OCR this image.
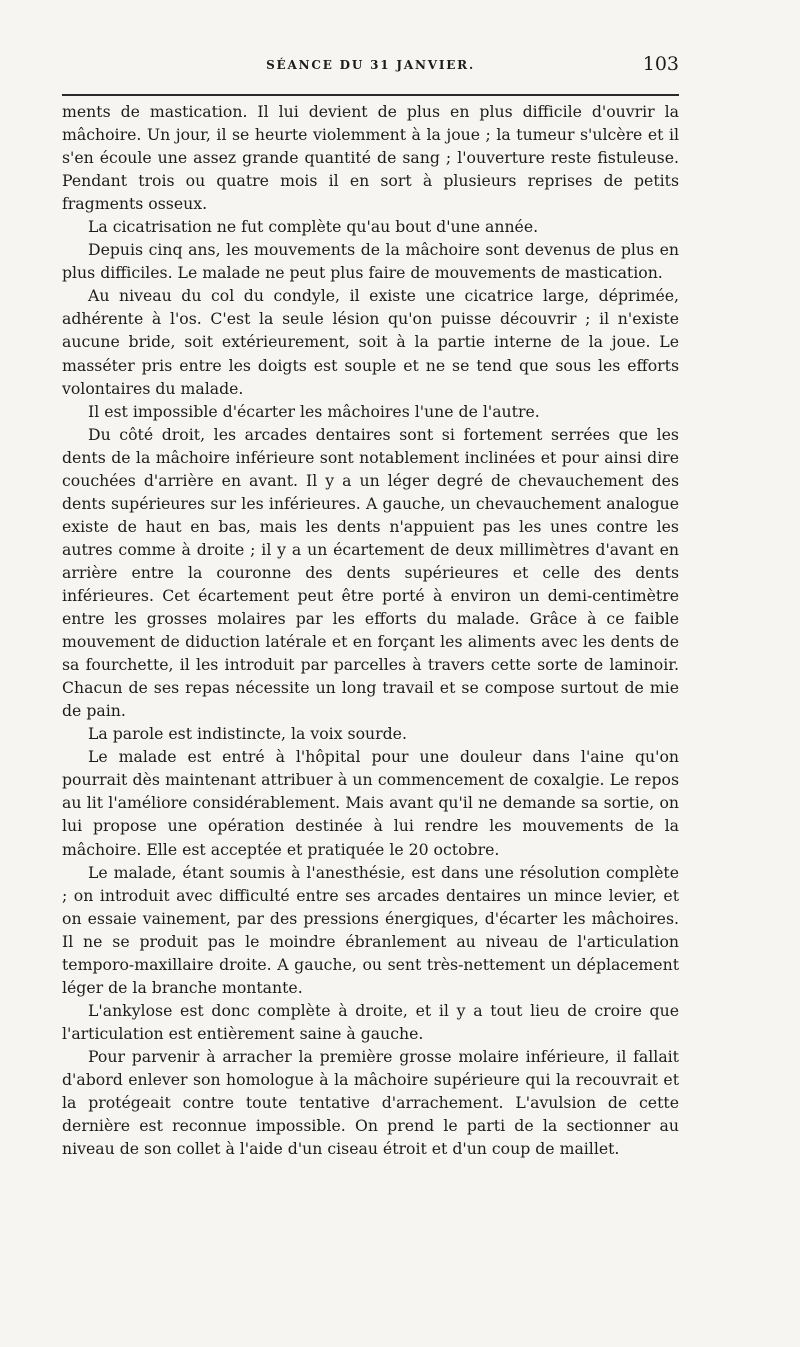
SÉANCE DU 31 JANVIER.	103

ments de mastication. Il lui devient de plus en plus difficile d'ouvrir la mâchoire. Un jour, il se heurte violemment à la joue ; la tumeur s'ulcère et il s'en écoule une assez grande quantité de sang ; l'ouverture reste fistuleuse. Pendant trois ou quatre mois il en sort à plusieurs reprises de petits fragments osseux.

La cicatrisation ne fut complète qu'au bout d'une année.

Depuis cinq ans, les mouvements de la mâchoire sont devenus de plus en plus difficiles. Le malade ne peut plus faire de mouvements de mastication.

Au niveau du col du condyle, il existe une cicatrice large, déprimée, adhérente à l'os. C'est la seule lésion qu'on puisse découvrir ; il n'existe aucune bride, soit extérieurement, soit à la partie interne de la joue. Le masséter pris entre les doigts est souple et ne se tend que sous les efforts volontaires du malade.

Il est impossible d'écarter les mâchoires l'une de l'autre.

Du côté droit, les arcades dentaires sont si fortement serrées que les dents de la mâchoire inférieure sont notablement inclinées et pour ainsi dire couchées d'arrière en avant. Il y a un léger degré de chevauchement des dents supérieures sur les inférieures. A gauche, un chevauchement analogue existe de haut en bas, mais les dents n'appuient pas les unes contre les autres comme à droite ; il y a un écartement de deux millimètres d'avant en arrière entre la couronne des dents supérieures et celle des dents inférieures. Cet écartement peut être porté à environ un demi-centimètre entre les grosses molaires par les efforts du malade. Grâce à ce faible mouvement de diduction latérale et en forçant les aliments avec les dents de sa fourchette, il les introduit par parcelles à travers cette sorte de laminoir. Chacun de ses repas nécessite un long travail et se compose surtout de mie de pain.

La parole est indistincte, la voix sourde.

Le malade est entré à l'hôpital pour une douleur dans l'aine qu'on pourrait dès maintenant attribuer à un commencement de coxalgie. Le repos au lit l'améliore considérablement. Mais avant qu'il ne demande sa sortie, on lui propose une opération destinée à lui rendre les mouvements de la mâchoire. Elle est acceptée et pratiquée le 20 octobre.

Le malade, étant soumis à l'anesthésie, est dans une résolution complète ; on introduit avec difficulté entre ses arcades dentaires un mince levier, et on essaie vainement, par des pressions énergiques, d'écarter les mâchoires. Il ne se produit pas le moindre ébranlement au niveau de l'articulation temporo-maxillaire droite. A gauche, ou sent très-nettement un déplacement léger de la branche montante.

L'ankylose est donc complète à droite, et il y a tout lieu de croire que l'articulation est entièrement saine à gauche.

Pour parvenir à arracher la première grosse molaire inférieure, il fallait d'abord enlever son homologue à la mâchoire supérieure qui la recouvrait et la protégeait contre toute tentative d'arrachement. L'avulsion de cette dernière est reconnue impossible. On prend le parti de la sectionner au niveau de son collet à l'aide d'un ciseau étroit et d'un coup de maillet.
